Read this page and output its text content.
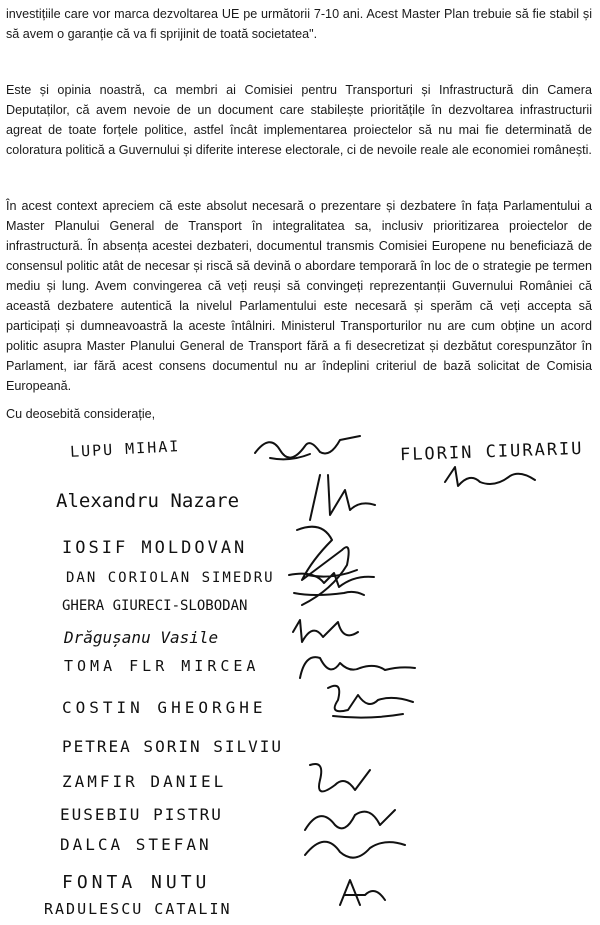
investițiile care vor marca dezvoltarea UE pe următorii 7-10 ani. Acest Master Plan trebuie să fie stabil și să avem o garanție că va fi sprijinit de toată societatea".

Este și opinia noastră, ca membri ai Comisiei pentru Transporturi și Infrastructură din Camera Deputaților, că avem nevoie de un document care stabilește prioritățile în dezvoltarea infrastructurii agreat de toate forțele politice, astfel încât implementarea proiectelor să nu mai fie determinată de coloratura politică a Guvernului și diferite interese electorale, ci de nevoile reale ale economiei românești.

În acest context apreciem că este absolut necesară o prezentare și dezbatere în fața Parlamentului a Master Planului General de Transport în integralitatea sa, inclusiv prioritizarea proiectelor de infrastructură. În absența acestei dezbateri, documentul transmis Comisiei Europene nu beneficiază de consensul politic atât de necesar și riscă să devină o abordare temporară în loc de o strategie pe termen mediu și lung. Avem convingerea că veți reuși să convingeți reprezentanții Guvernului României că această dezbatere autentică la nivelul Parlamentului este necesară și sperăm că veți accepta să participați și dumneavoastră la aceste întâlniri. Ministerul Transporturilor nu are cum obține un acord politic asupra Master Planului General de Transport fără a fi desecretizat și dezbătut corespunzător în Parlament, iar fără acest consens documentul nu ar îndeplini criteriul de bază solicitat de Comisia Europeană.

Cu deosebită considerație,

LUPU MIHAI	FLORIN CIURARIU
Alexandru Nazare
IOSIF MOLDOVAN
DAN CORIOLAN SIMEDRU
GHERA GIURECI-SLOBODAN
Drăgușanu Vasile
TOMA FLR MIRCEA
COSTIN GHEORGHE
PETREA SORIN SILVIU
ZAMFIR DANIEL
EUSEBIU PISTRU
DALCA STEFAN
FONTA NUTU
RADULESCU CATALIN
